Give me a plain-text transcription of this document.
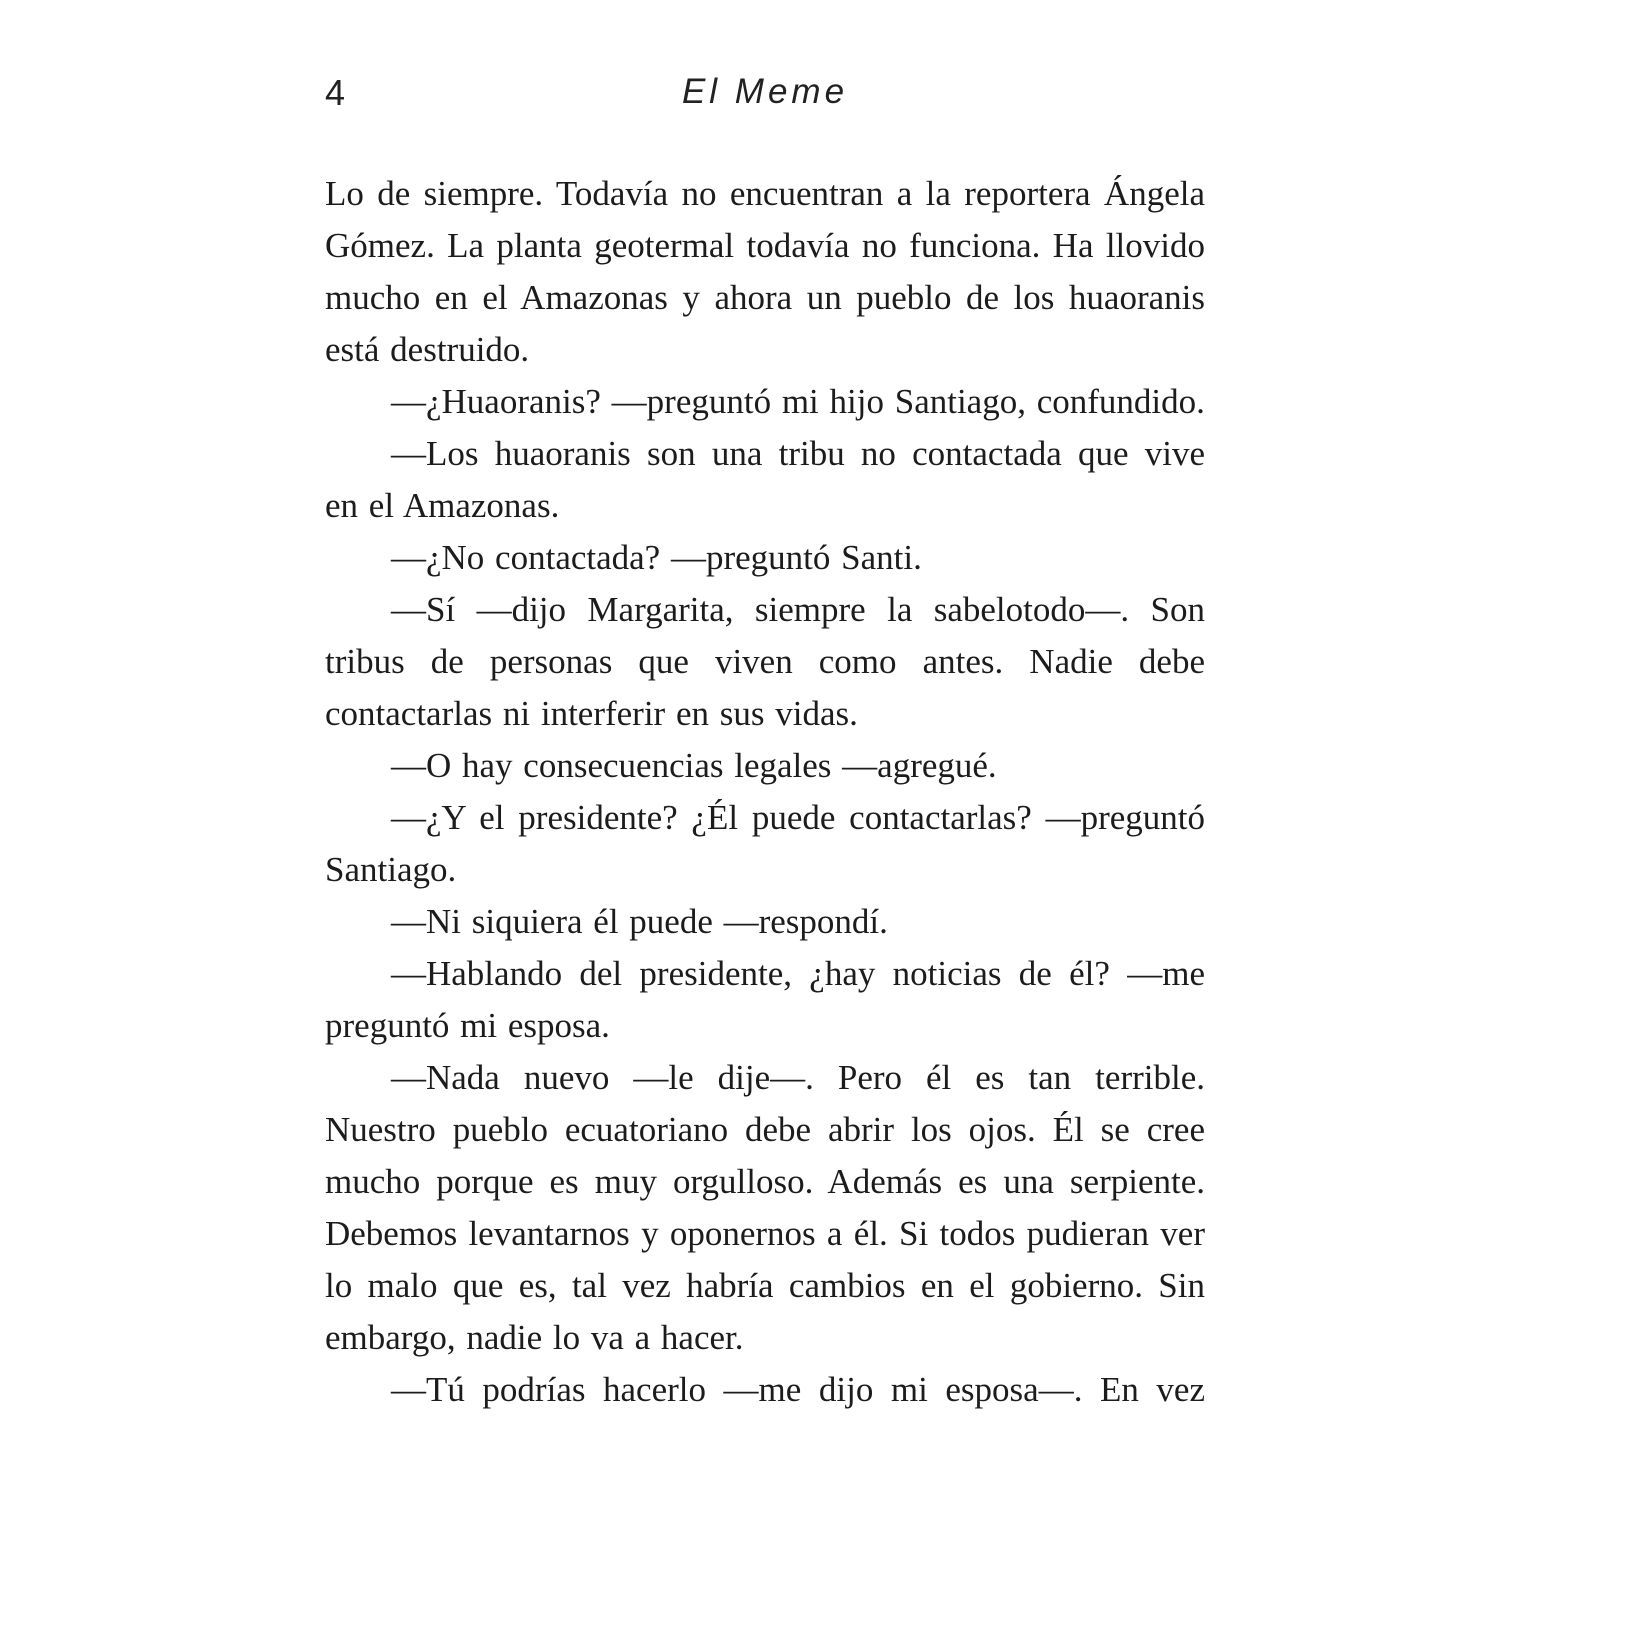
4	El Meme

Lo de siempre. Todavía no encuentran a la reportera Ángela Gómez. La planta geotermal todavía no funciona. Ha llovido mucho en el Amazonas y ahora un pueblo de los huaoranis está destruido.

—¿Huaoranis? —preguntó mi hijo Santiago, confundido.

—Los huaoranis son una tribu no contactada que vive en el Amazonas.

—¿No contactada? —preguntó Santi.

—Sí —dijo Margarita, siempre la sabelotodo—. Son tribus de personas que viven como antes. Nadie debe contactarlas ni interferir en sus vidas.

—O hay consecuencias legales —agregué.

—¿Y el presidente? ¿Él puede contactarlas? —preguntó Santiago.

—Ni siquiera él puede —respondí.

—Hablando del presidente, ¿hay noticias de él? —me preguntó mi esposa.

—Nada nuevo —le dije—. Pero él es tan terrible. Nuestro pueblo ecuatoriano debe abrir los ojos. Él se cree mucho porque es muy orgulloso. Además es una serpiente. Debemos levantarnos y oponernos a él. Si todos pudieran ver lo malo que es, tal vez habría cambios en el gobierno. Sin embargo, nadie lo va a hacer.

—Tú podrías hacerlo —me dijo mi esposa—. En vez
